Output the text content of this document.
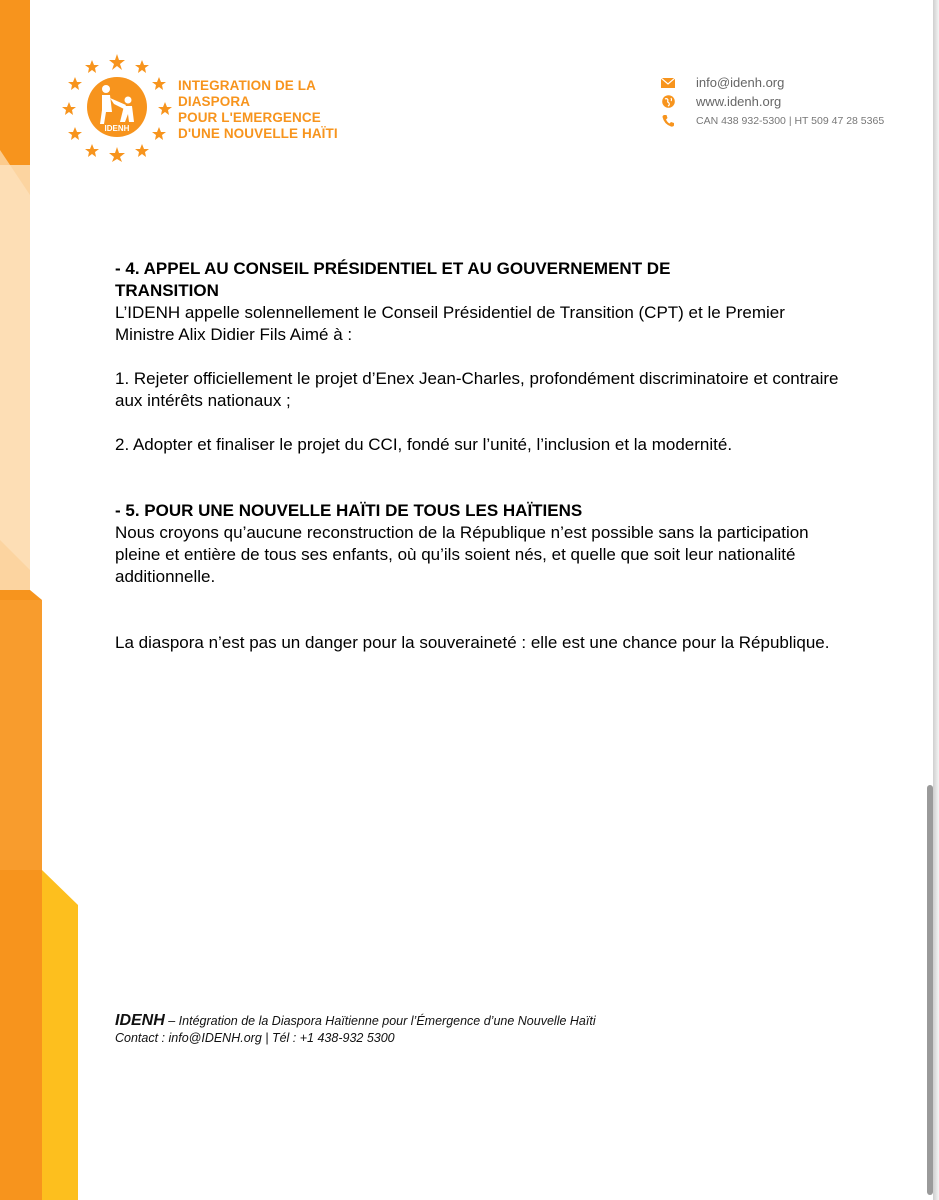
IDENH
INTEGRATION DE LA
DIASPORA
POUR L'EMERGENCE
D'UNE NOUVELLE HAÏTI
info@idenh.org
www.idenh.org
CAN 438 932-5300 | HT 509 47 28 5365

- 4. APPEL AU CONSEIL PRÉSIDENTIEL ET AU GOUVERNEMENT DE

TRANSITION

L’IDENH appelle solennellement le Conseil Présidentiel de Transition (CPT) et le Premier Ministre Alix Didier Fils Aimé à :

1. Rejeter officiellement le projet d’Enex Jean-Charles, profondément discriminatoire et contraire aux intérêts nationaux ;

2. Adopter et finaliser le projet du CCI, fondé sur l’unité, l’inclusion et la modernité.

- 5. POUR UNE NOUVELLE HAÏTI DE TOUS LES HAÏTIENS

Nous croyons qu’aucune reconstruction de la République n’est possible sans la participation pleine et entière de tous ses enfants, où qu’ils soient nés, et quelle que soit leur nationalité additionnelle.

La diaspora n’est pas un danger pour la souveraineté : elle est une chance pour la République.

IDENH – Intégration de la Diaspora Haïtienne pour l’Émergence d’une Nouvelle Haïti
Contact : info@IDENH.org | Tél : +1 438-932 5300
